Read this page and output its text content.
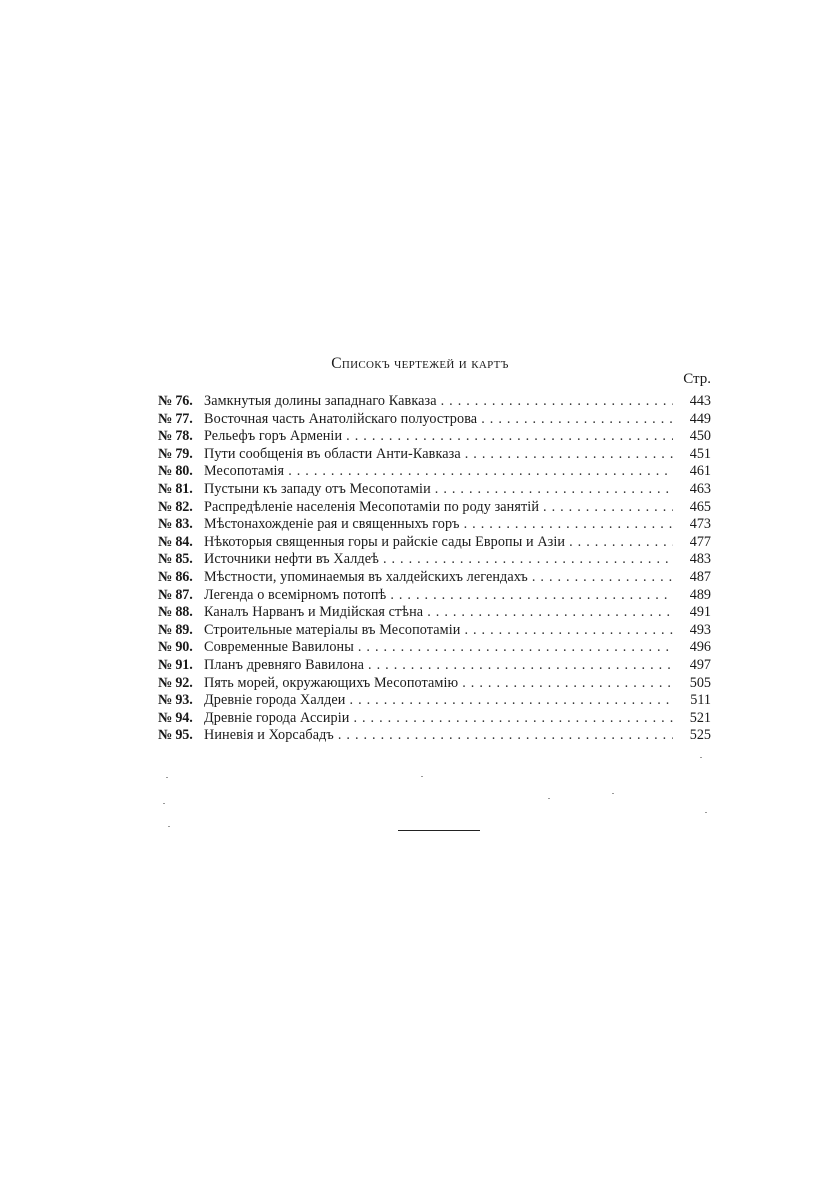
Списокъ чертежей и картъ
Стр.
№ 76. Замкнутыя долины западнаго Кавказа .....	443
№ 77. Восточная часть Анатолійскаго полуострова .....	449
№ 78. Рельефъ горъ Арменіи .....	450
№ 79. Пути сообщенія въ области Анти-Кавказа .....	451
№ 80. Месопотамія .....	461
№ 81. Пустыни къ западу отъ Месопотаміи .....	463
№ 82. Распредѣленіе населенія Месопотаміи по роду занятій .....	465
№ 83. Мѣстонахожденіе рая и священныхъ горъ .....	473
№ 84. Нѣкоторыя священныя горы и райскіе сады Европы и Азіи .....	477
№ 85. Источники нефти въ Халдеѣ .....	483
№ 86. Мѣстности, упоминаемыя въ халдейскихъ легендахъ .....	487
№ 87. Легенда о всемірномъ потопѣ .....	489
№ 88. Каналъ Нарванъ и Мидійская стѣна .....	491
№ 89. Строительные матеріалы въ Месопотаміи .....	493
№ 90. Современные Вавилоны .....	496
№ 91. Планъ древняго Вавилона .....	497
№ 92. Пять морей, окружающихъ Месопотамію .....	505
№ 93. Древніе города Халдеи .....	511
№ 94. Древніе города Ассиріи .....	521
№ 95. Ниневія и Хорсабадъ .....	525
